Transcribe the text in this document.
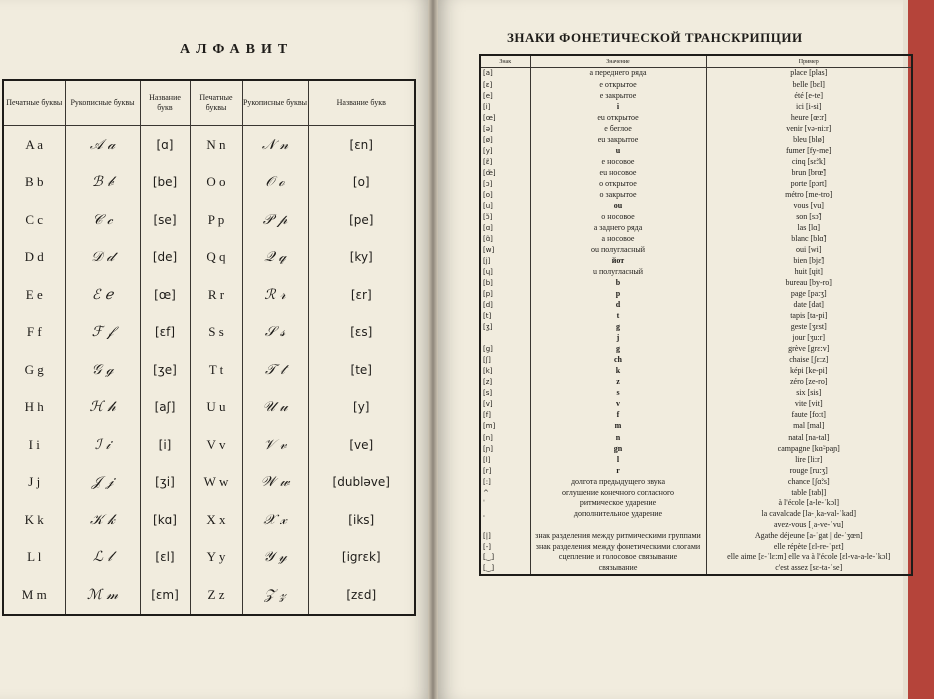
АЛФАВИТ
Печатные буквы	Рукописные буквы	Название букв	Печатные буквы	Рукописные буквы	Название букв
A a	𝒜 𝒶	[ɑ]	N n	𝒩 𝓃	[ɛn]
B b	ℬ 𝒷	[be]	O o	𝒪 ℴ	[o]
C c	𝒞 𝒸	[se]	P p	𝒫 𝓅	[pe]
D d	𝒟 𝒹	[de]	Q q	𝒬 𝓆	[ky]
E e	ℰ ℯ	[œ]	R r	ℛ 𝓇	[ɛr]
F f	ℱ 𝒻	[ɛf]	S s	𝒮 𝓈	[ɛs]
G g	𝒢 ℊ	[ʒe]	T t	𝒯 𝓉	[te]
H h	ℋ 𝒽	[aʃ]	U u	𝒰 𝓊	[y]
I i	ℐ 𝒾	[i]	V v	𝒱 𝓋	[ve]
J j	𝒥 𝒿	[ʒi]	W w	𝒲 𝓌	[dubləve]
K k	𝒦 𝓀	[kɑ]	X x	𝒳 𝓍	[iks]
L l	ℒ 𝓁	[ɛl]	Y y	𝒴 𝓎	[igrɛk]
M m	ℳ 𝓂	[ɛm]	Z z	𝒵 𝓏	[zɛd]
ЗНАКИ ФОНЕТИЧЕСКОЙ ТРАНСКРИПЦИИ
Знак	Значение	Пример
[a]	a переднего ряда	place [plas]
[ɛ]	e открытое	belle [bɛl]
[e]	e закрытое	été [e-te]
[i]	i	ici [i-si]
[œ]	eu открытое	heure [œ:r]
[ə]	e беглое	venir [və-ni:r]
[ø]	eu закрытое	bleu [blø]
[y]	u	fumer [fy-me]
[ɛ̃]	e носовое	cinq [sɛ̃:k]
[œ̃]	eu носовое	brun [brœ̃]
[ɔ]	o открытое	porte [pɔrt]
[o]	o закрытое	métro [me-tro]
[u]	ou	vous [vu]
[ɔ̃]	o носовое	son [sɔ̃]
[ɑ]	a заднего ряда	las [lɑ]
[ɑ̃]	a носовое	blanc [blɑ̃]
[w]	ou полугласный	oui [wi]
[j]	йот	bien [bjɛ̃]
[ɥ]	u полугласный	huit [ɥit]
[b]	b	bureau [by-ro]
[p]	p	page [pa:ʒ]
[d]	d	date [dat]
[t]	t	tapis [ta-pi]
[ʒ]	g	geste [ʒɛst]
	j	jour [ʒu:r]
[g]	g	grève [grɛ:v]
[ʃ]	ch	chaise [ʃɛ:z]
[k]	k	képi [ke-pi]
[z]	z	zéro [ze-ro]
[s]	s	six [sis]
[v]	v	vite [vit]
[f]	f	faute [fo:t]
[m]	m	mal [mal]
[n]	n	natal [na-tal]
[ɲ]	gn	campagne [kɑ̃-paɲ]
[l]	l	lire [li:r]
[r]	r	rouge [ru:ʒ]
[:]	долгота предыдущего звука	chance [ʃɑ̃:s]
^	оглушение конечного согласного	table [tabḷ]
ˈ	ритмическое ударение	à l'école [a-le-ˈkɔl]
ˌ	дополнительное ударение	la cavalcade [la-ˌka-val-ˈkad]
		avez-vous [ˌa-ve-ˈvu]
[|]	знак разделения между ритмическими группами	Agathe déjeune [a-ˈgat | de-ˈʒœn]
[-]	знак разделения между фонетическими слогами	elle répète [ɛl-re-ˈpɛt]
[‿]	сцепление и голосовое связывание	elle aime [ɛ-ˈlɛ:m] elle va à l'école [ɛl-va-a-le-ˈkɔl]
[‿]	связывание	c'est assez [sɛ-ta-ˈse]
